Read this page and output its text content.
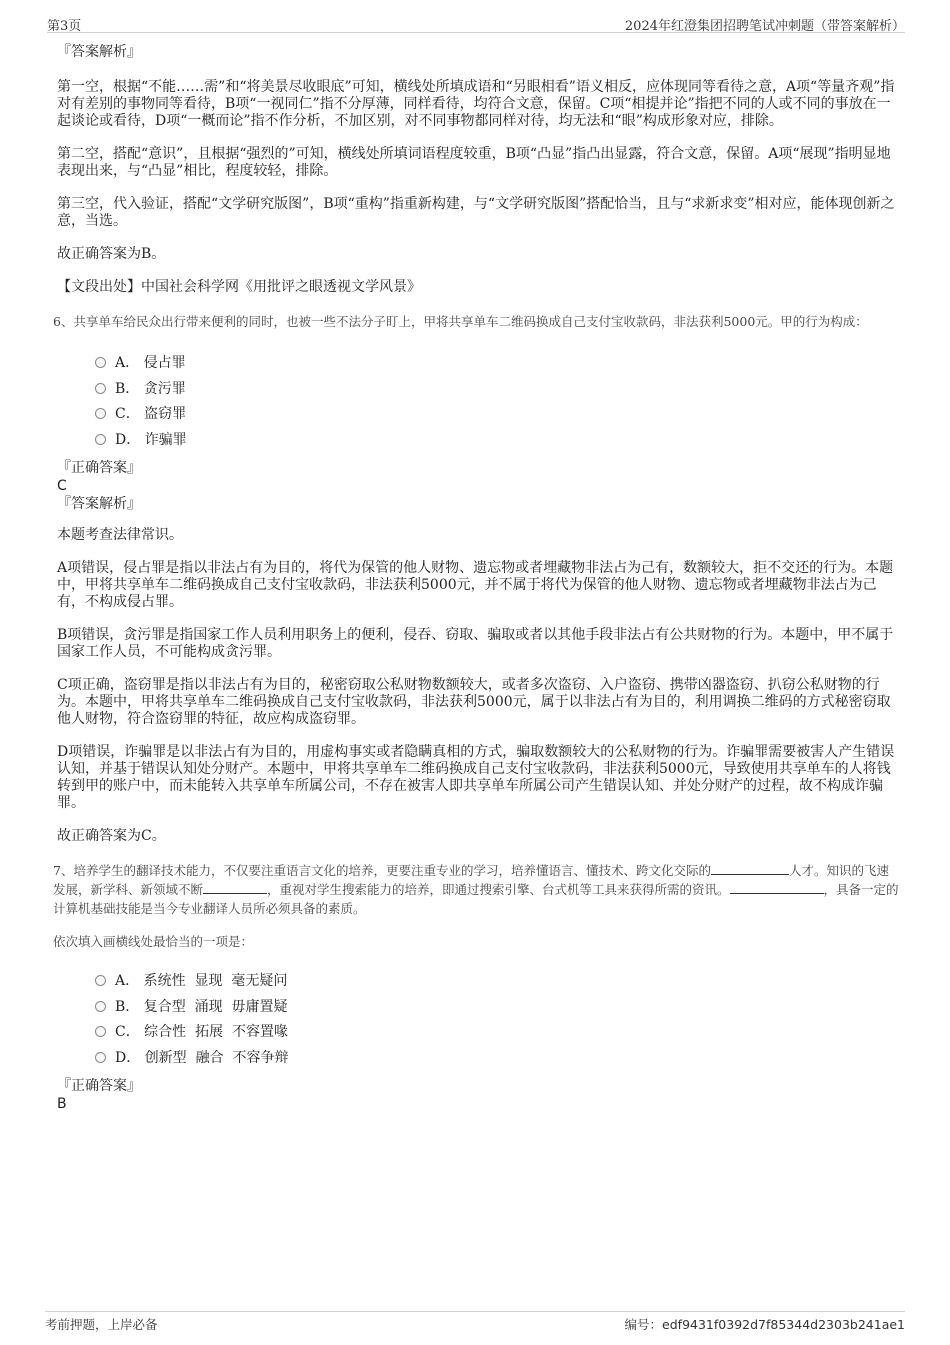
第3页	2024年红澄集团招聘笔试冲刺题（带答案解析）

『答案解析』

第一空，根据“不能……需”和“将美景尽收眼底”可知，横线处所填成语和“另眼相看”语义相反，应体现同等看待之意，A项“等量齐观”指对有差别的事物同等看待，B项“一视同仁”指不分厚薄，同样看待，均符合文意，保留。C项“相提并论”指把不同的人或不同的事放在一起谈论或看待，D项“一概而论”指不作分析，不加区别，对不同事物都同样对待，均无法和“眼”构成形象对应，排除。

第二空，搭配“意识”，且根据“强烈的”可知，横线处所填词语程度较重，B项“凸显”指凸出显露，符合文意，保留。A项“展现”指明显地表现出来，与“凸显”相比，程度较轻，排除。

第三空，代入验证，搭配“文学研究版图”，B项“重构”指重新构建，与“文学研究版图”搭配恰当，且与“求新求变”相对应，能体现创新之意，当选。

故正确答案为B。

【文段出处】中国社会科学网《用批评之眼透视文学风景》

6、共享单车给民众出行带来便利的同时，也被一些不法分子盯上，甲将共享单车二维码换成自己支付宝收款码，非法获利5000元。甲的行为构成：

A． 侵占罪
B． 贪污罪
C． 盗窃罪
D． 诈骗罪

『正确答案』

C

『答案解析』

本题考查法律常识。

A项错误，侵占罪是指以非法占有为目的，将代为保管的他人财物、遗忘物或者埋藏物非法占为己有，数额较大，拒不交还的行为。本题中，甲将共享单车二维码换成自己支付宝收款码，非法获利5000元，并不属于将代为保管的他人财物、遗忘物或者埋藏物非法占为己有，不构成侵占罪。

B项错误，贪污罪是指国家工作人员利用职务上的便利，侵吞、窃取、骗取或者以其他手段非法占有公共财物的行为。本题中，甲不属于国家工作人员，不可能构成贪污罪。

C项正确，盗窃罪是指以非法占有为目的，秘密窃取公私财物数额较大，或者多次盗窃、入户盗窃、携带凶器盗窃、扒窃公私财物的行为。本题中，甲将共享单车二维码换成自己支付宝收款码，非法获利5000元，属于以非法占有为目的，利用调换二维码的方式秘密窃取他人财物，符合盗窃罪的特征，故应构成盗窃罪。

D项错误，诈骗罪是以非法占有为目的，用虚构事实或者隐瞒真相的方式，骗取数额较大的公私财物的行为。诈骗罪需要被害人产生错误认知，并基于错误认知处分财产。本题中，甲将共享单车二维码换成自己支付宝收款码，非法获利5000元，导致使用共享单车的人将钱转到甲的账户中，而未能转入共享单车所属公司，不存在被害人即共享单车所属公司产生错误认知、并处分财产的过程，故不构成诈骗罪。

故正确答案为C。

7、培养学生的翻译技术能力，不仅要注重语言文化的培养，更要注重专业的学习，培养懂语言、懂技术、跨文化交际的	人才。知识的飞速发展，新学科、新领域不断	，重视对学生搜索能力的培养，即通过搜索引擎、台式机等工具来获得所需的资讯。	，具备一定的计算机基础技能是当今专业翻译人员所必须具备的素质。

依次填入画横线处最恰当的一项是：

A． 系统性  显现  毫无疑问
B． 复合型  涌现  毋庸置疑
C． 综合性  拓展  不容置喙
D． 创新型  融合  不容争辩

『正确答案』

B

考前押题，上岸必备	编号：edf9431f0392d7f85344d2303b241ae1
